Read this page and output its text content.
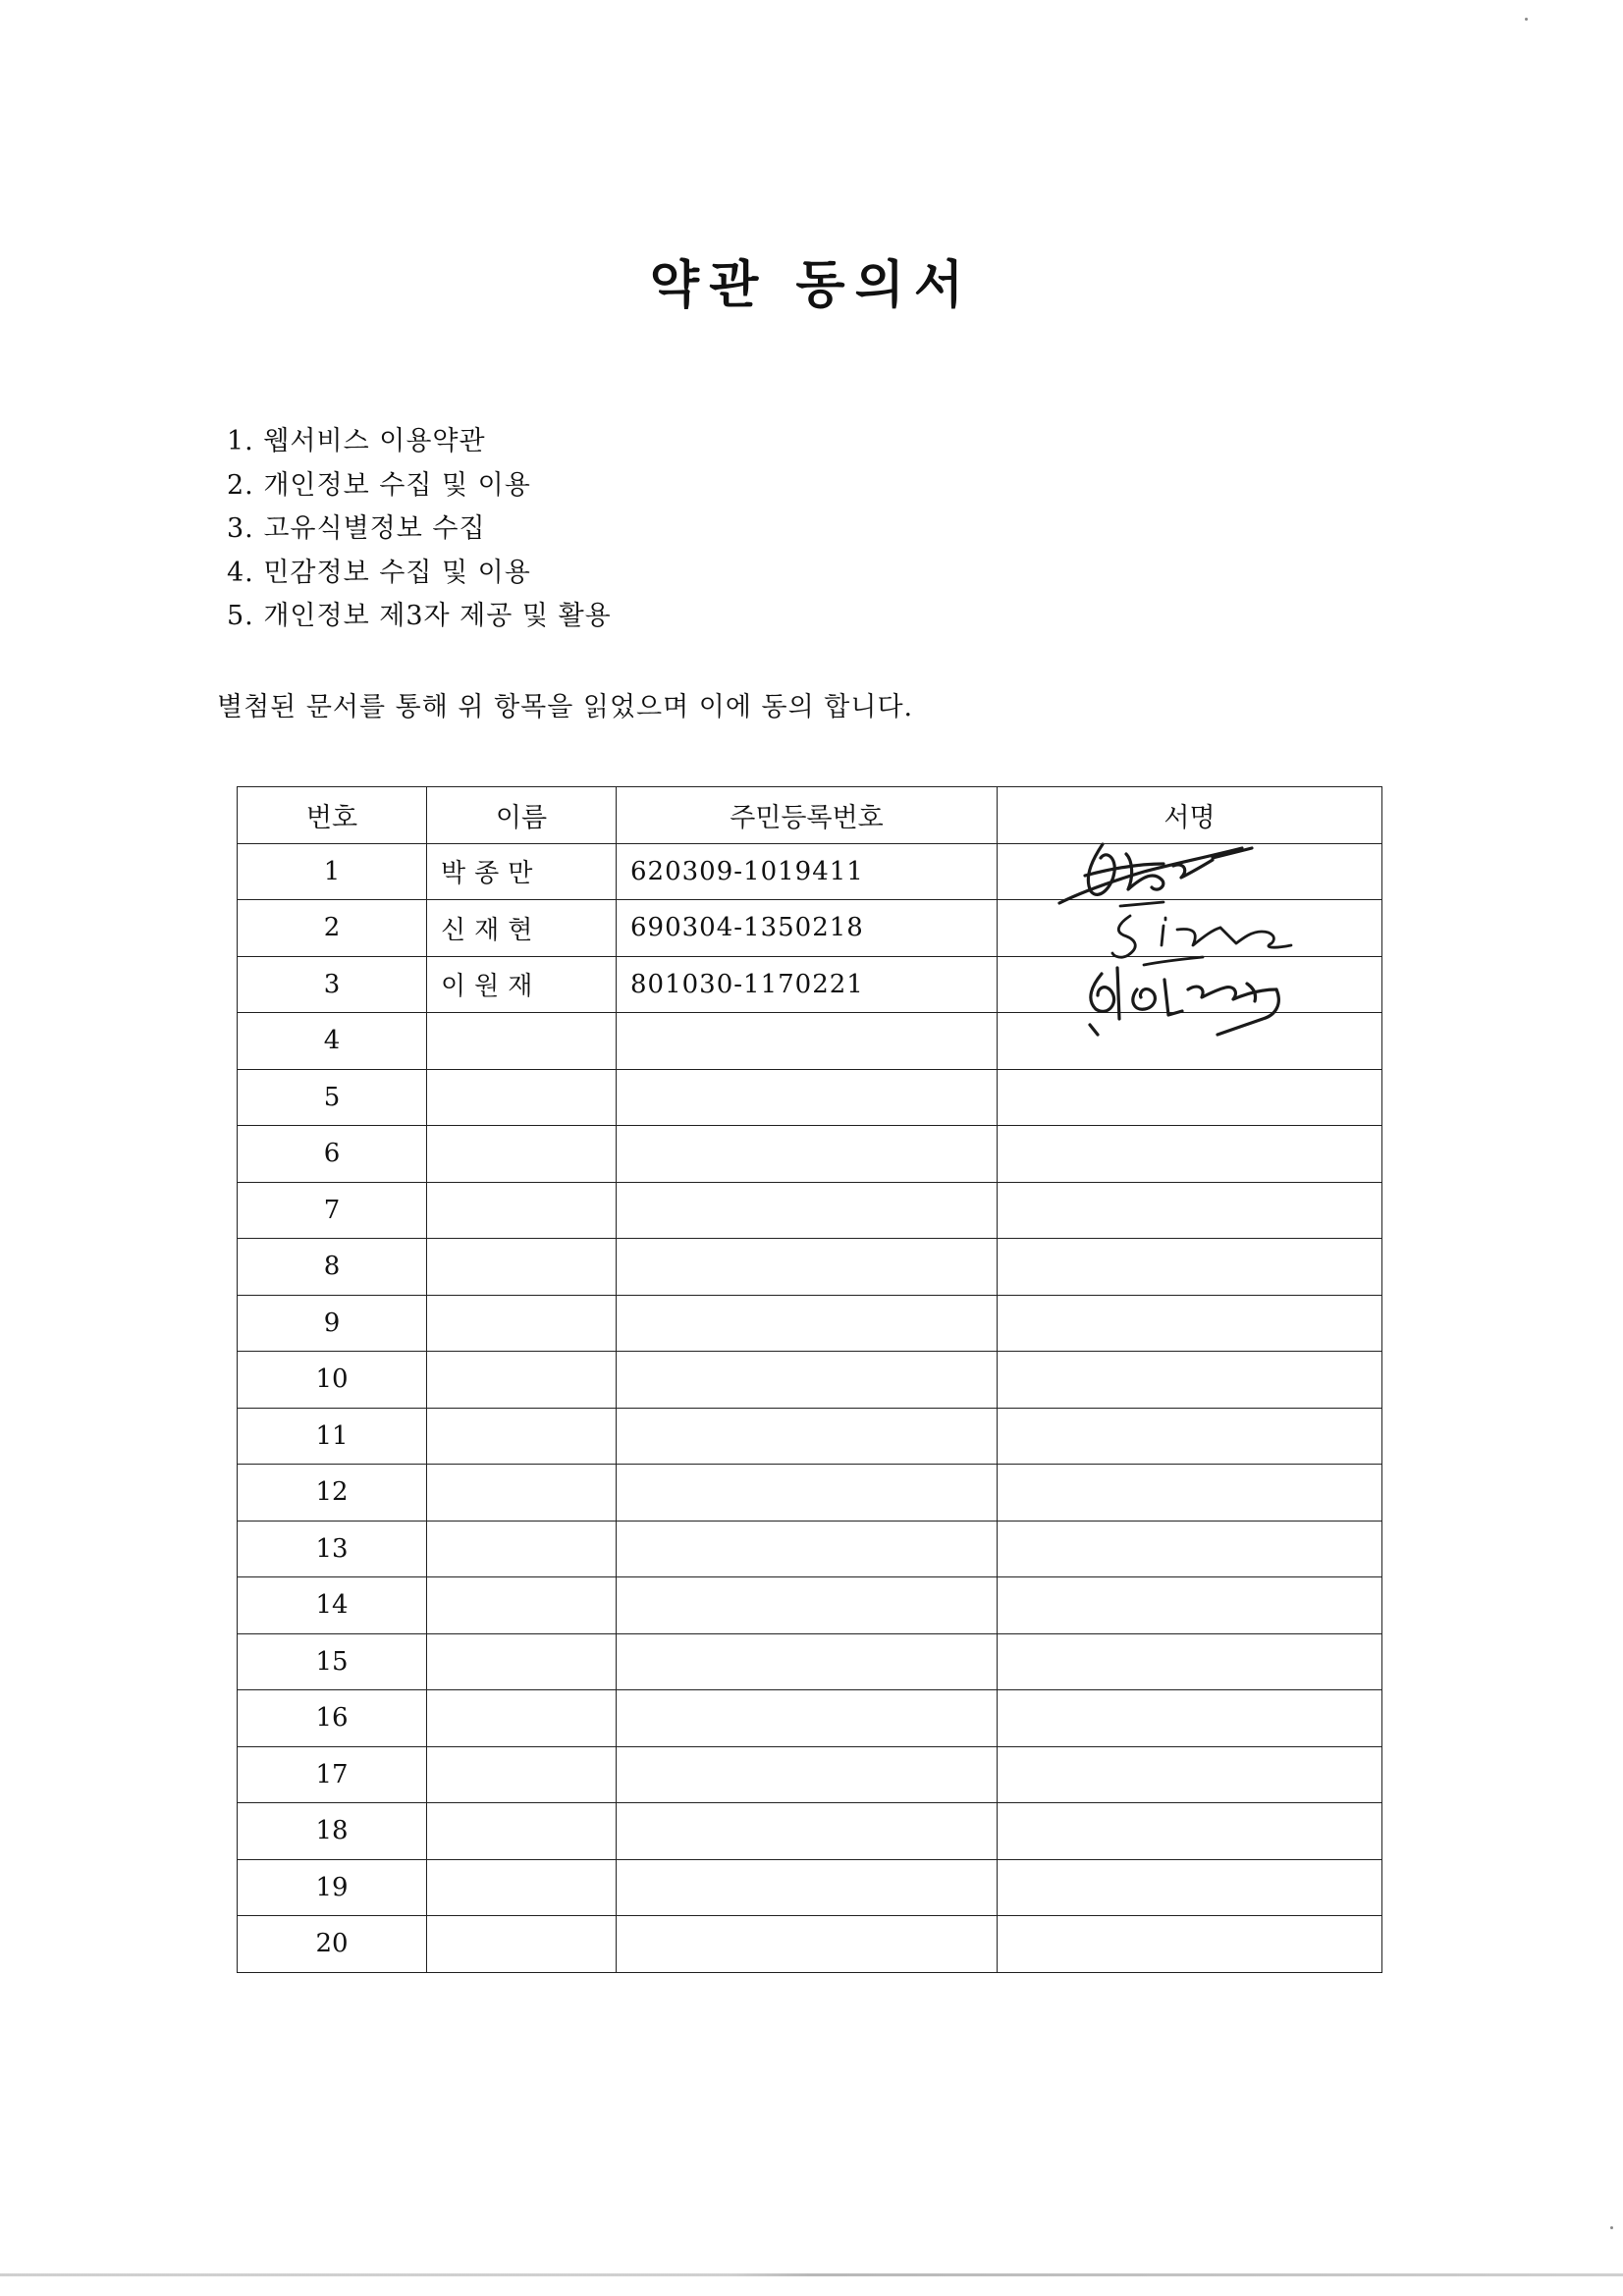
약관 동의서
1. 웹서비스 이용약관
2. 개인정보 수집 및 이용
3. 고유식별정보 수집
4. 민감정보 수집 및 이용
5. 개인정보 제3자 제공 및 활용
별첨된 문서를 통해 위 항목을 읽었으며 이에 동의 합니다.
번호	이름	주민등록번호	서명
1	박종만	620309-1019411	
2	신재현	690304-1350218	
3	이원재	801030-1170221	
4			
5			
6			
7			
8			
9			
10			
11			
12			
13			
14			
15			
16			
17			
18			
19			
20			
